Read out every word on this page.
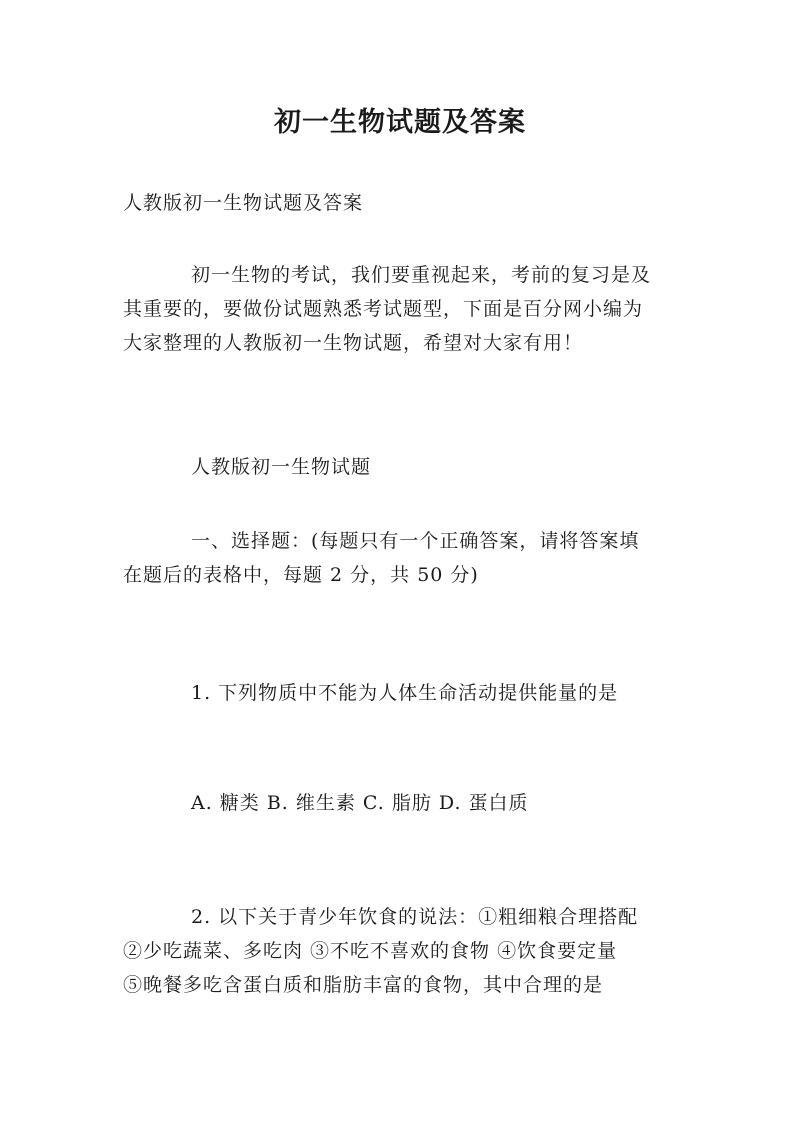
初一生物试题及答案

人教版初一生物试题及答案

初一生物的考试，我们要重视起来，考前的复习是及
其重要的，要做份试题熟悉考试题型，下面是百分网小编为
大家整理的人教版初一生物试题，希望对大家有用！

人教版初一生物试题

一、选择题：(每题只有一个正确答案，请将答案填
在题后的表格中，每题 2 分，共 50 分)

1. 下列物质中不能为人体生命活动提供能量的是

A. 糖类 B. 维生素 C. 脂肪 D. 蛋白质

2. 以下关于青少年饮食的说法：①粗细粮合理搭配
②少吃蔬菜、多吃肉 ③不吃不喜欢的食物 ④饮食要定量
⑤晚餐多吃含蛋白质和脂肪丰富的食物，其中合理的是
